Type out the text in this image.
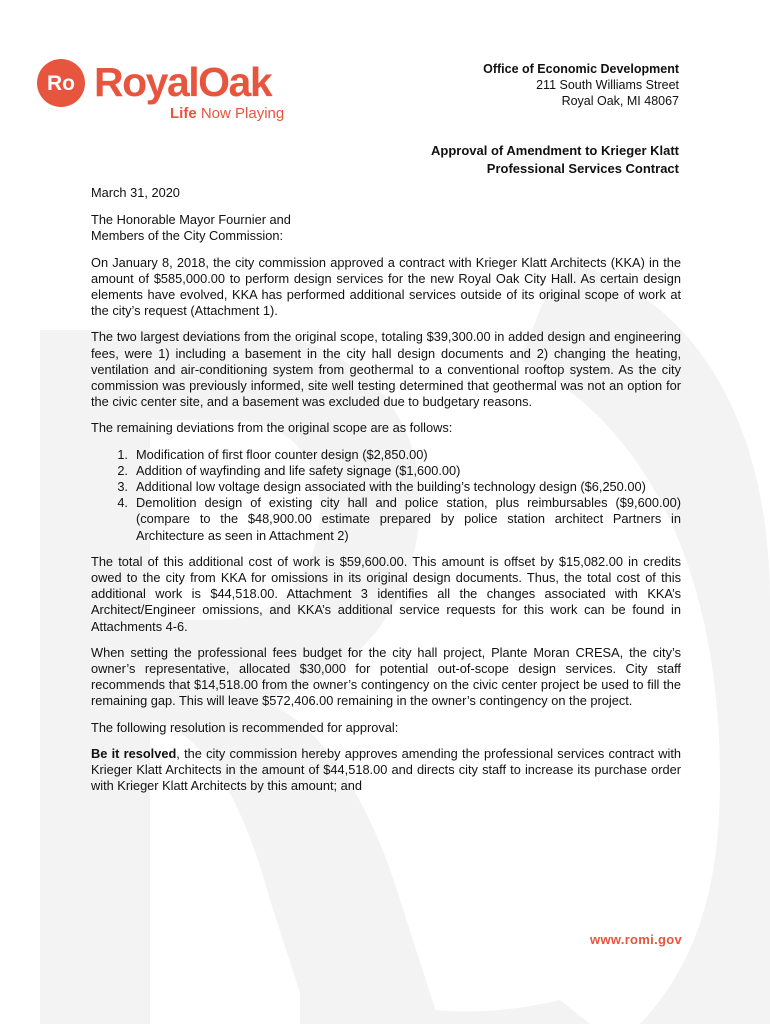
Ro RoyalOak
Life Now Playing
Office of Economic Development
211 South Williams Street
Royal Oak, MI 48067
Approval of Amendment to Krieger Klatt
Professional Services Contract

March 31, 2020

The Honorable Mayor Fournier and
Members of the City Commission:

On January 8, 2018, the city commission approved a contract with Krieger Klatt Architects (KKA) in the amount of $585,000.00 to perform design services for the new Royal Oak City Hall. As certain design elements have evolved, KKA has performed additional services outside of its original scope of work at the city’s request (Attachment 1).

The two largest deviations from the original scope, totaling $39,300.00 in added design and engineering fees, were 1) including a basement in the city hall design documents and 2) changing the heating, ventilation and air-conditioning system from geothermal to a conventional rooftop system. As the city commission was previously informed, site well testing determined that geothermal was not an option for the civic center site, and a basement was excluded due to budgetary reasons.

The remaining deviations from the original scope are as follows:

1. Modification of first floor counter design ($2,850.00)
2. Addition of wayfinding and life safety signage ($1,600.00)
3. Additional low voltage design associated with the building’s technology design ($6,250.00)
4. Demolition design of existing city hall and police station, plus reimbursables ($9,600.00) (compare to the $48,900.00 estimate prepared by police station architect Partners in Architecture as seen in Attachment 2)

The total of this additional cost of work is $59,600.00. This amount is offset by $15,082.00 in credits owed to the city from KKA for omissions in its original design documents. Thus, the total cost of this additional work is $44,518.00. Attachment 3 identifies all the changes associated with KKA’s Architect/Engineer omissions, and KKA’s additional service requests for this work can be found in Attachments 4-6.

When setting the professional fees budget for the city hall project, Plante Moran CRESA, the city’s owner’s representative, allocated $30,000 for potential out-of-scope design services. City staff recommends that $14,518.00 from the owner’s contingency on the civic center project be used to fill the remaining gap. This will leave $572,406.00 remaining in the owner’s contingency on the project.

The following resolution is recommended for approval:

Be it resolved, the city commission hereby approves amending the professional services contract with Krieger Klatt Architects in the amount of $44,518.00 and directs city staff to increase its purchase order with Krieger Klatt Architects by this amount; and

www.romi.gov
